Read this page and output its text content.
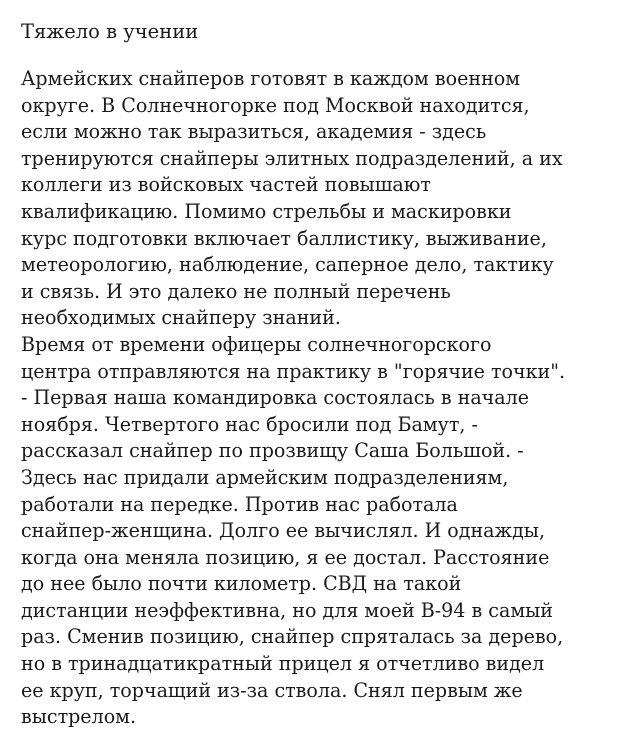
Тяжело в учении
Армейских снайперов готовят в каждом военном
округе. В Солнечногорке под Москвой находится,
если можно так выразиться, академия - здесь
тренируются снайперы элитных подразделений, а их
коллеги из войсковых частей повышают
квалификацию. Помимо стрельбы и маскировки
курс подготовки включает баллистику, выживание,
метеорологию, наблюдение, саперное дело, тактику
и связь. И это далеко не полный перечень
необходимых снайперу знаний.
Время от времени офицеры солнечногорского
центра отправляются на практику в "горячие точки".
- Первая наша командировка состоялась в начале
ноября. Четвертого нас бросили под Бамут, -
рассказал снайпер по прозвищу Саша Большой. -
Здесь нас придали армейским подразделениям,
работали на передке. Против нас работала
снайпер-женщина. Долго ее вычислял. И однажды,
когда она меняла позицию, я ее достал. Расстояние
до нее было почти километр. СВД на такой
дистанции неэффективна, но для моей В-94 в самый
раз. Сменив позицию, снайпер спряталась за дерево,
но в тринадцатикратный прицел я отчетливо видел
ее круп, торчащий из-за ствола. Снял первым же
выстрелом.
